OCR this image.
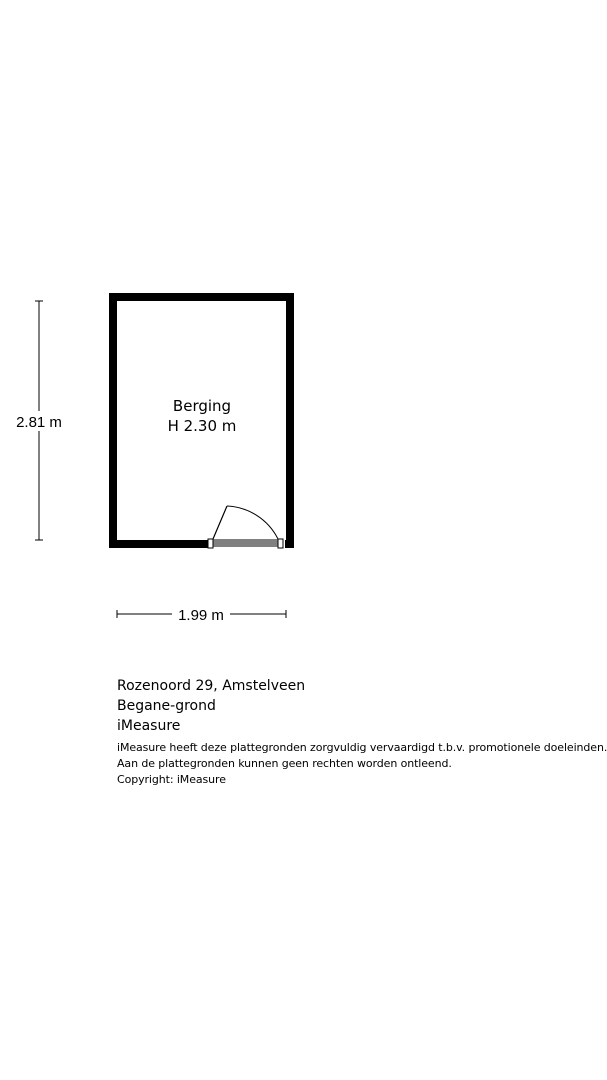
Berging
H 2.30 m
2.81 m
1.99 m
Rozenoord 29, Amstelveen
Begane-grond
iMeasure
iMeasure heeft deze plattegronden zorgvuldig vervaardigd t.b.v. promotionele doeleinden.
Aan de plattegronden kunnen geen rechten worden ontleend.
Copyright: iMeasure
